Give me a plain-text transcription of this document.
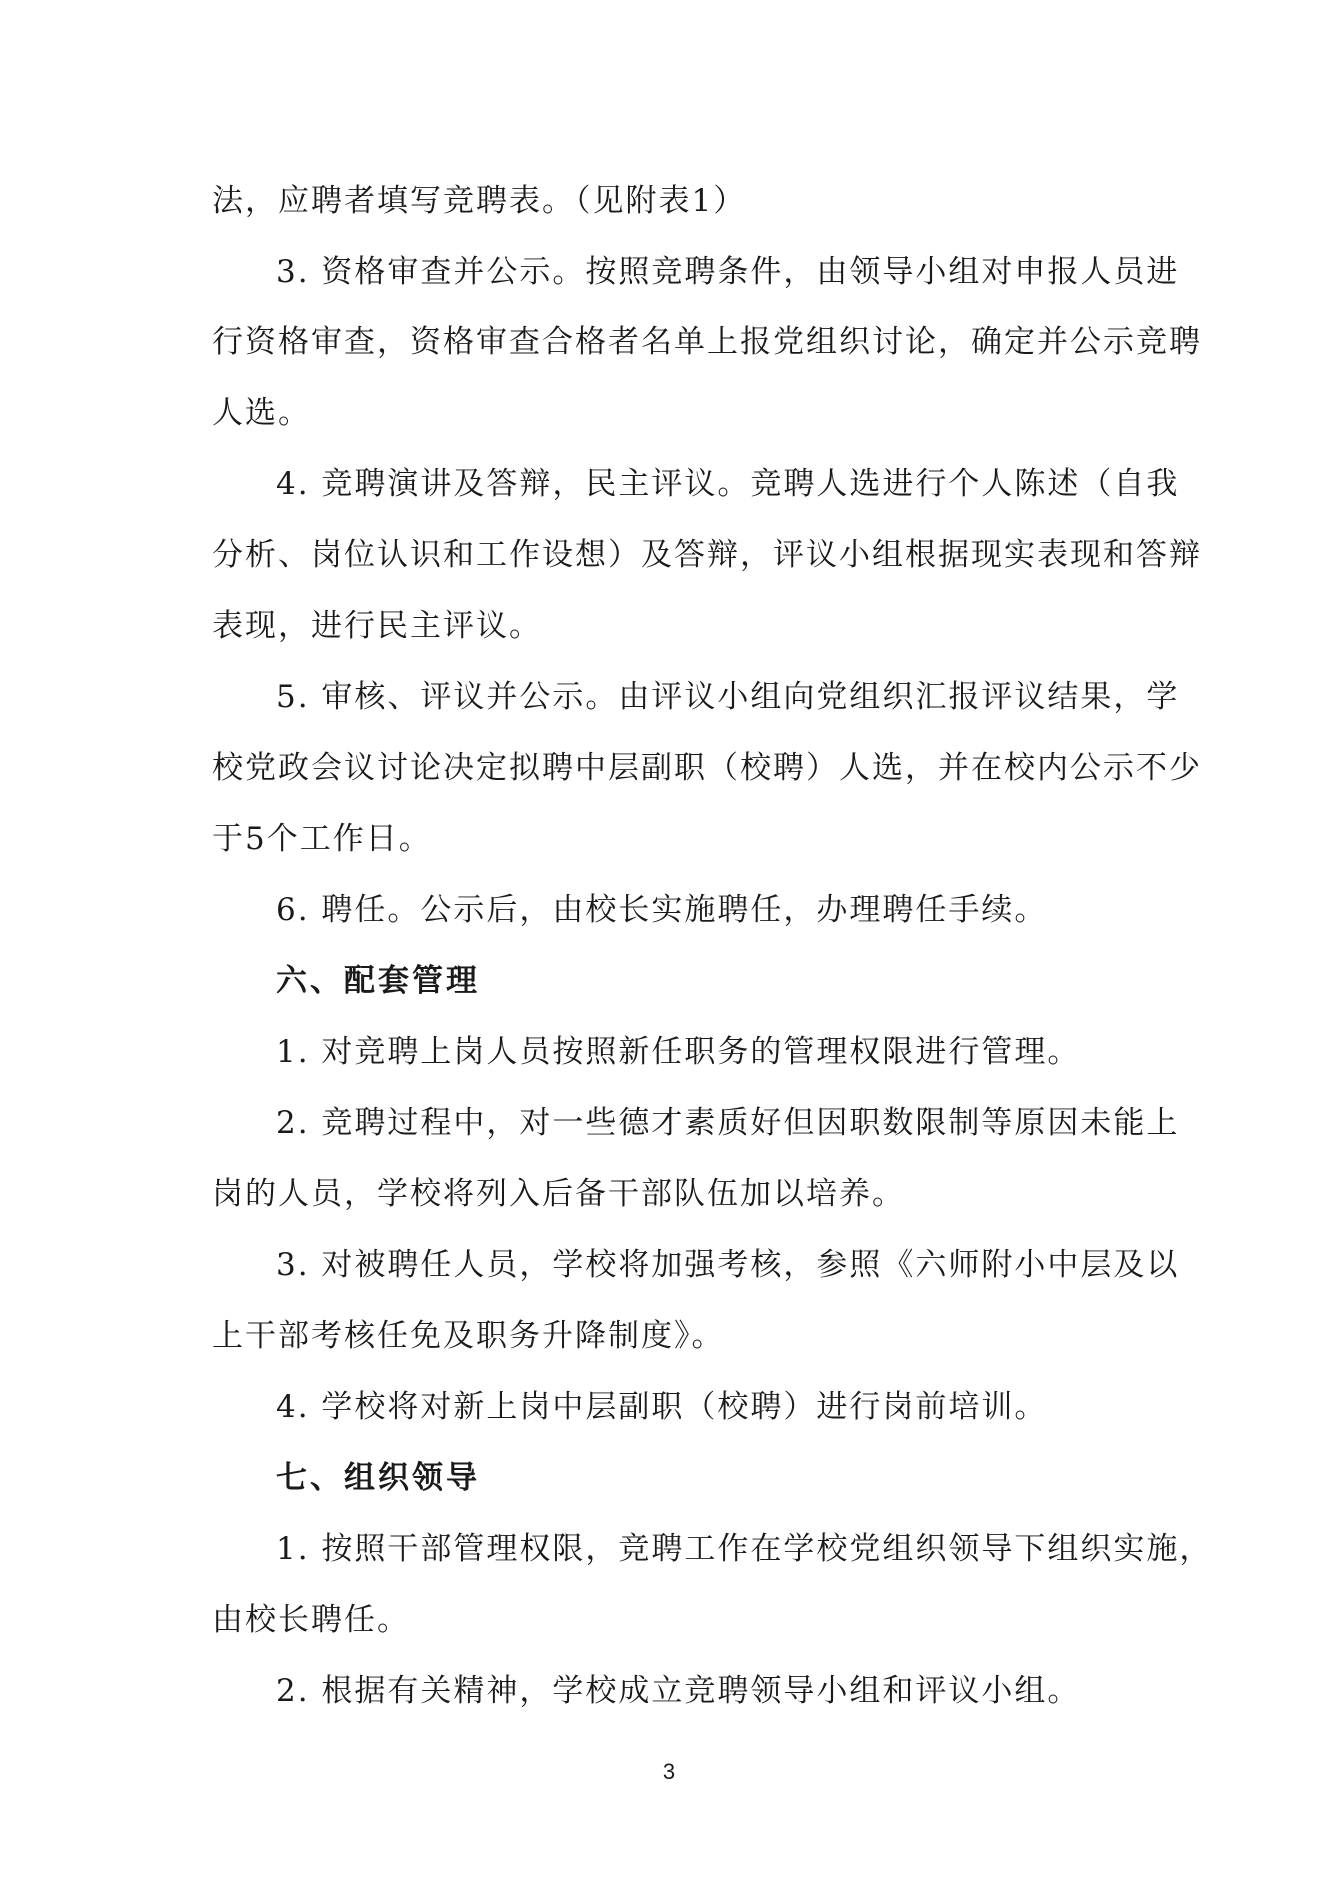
法，应聘者填写竞聘表。（见附表1）
3. 资格审查并公示。按照竞聘条件，由领导小组对申报人员进
行资格审查，资格审查合格者名单上报党组织讨论，确定并公示竞聘
人选。
4. 竞聘演讲及答辩，民主评议。竞聘人选进行个人陈述（自我
分析、岗位认识和工作设想）及答辩，评议小组根据现实表现和答辩
表现，进行民主评议。
5. 审核、评议并公示。由评议小组向党组织汇报评议结果，学
校党政会议讨论决定拟聘中层副职（校聘）人选，并在校内公示不少
于5个工作日。
6. 聘任。公示后，由校长实施聘任，办理聘任手续。
六、配套管理
1. 对竞聘上岗人员按照新任职务的管理权限进行管理。
2. 竞聘过程中，对一些德才素质好但因职数限制等原因未能上
岗的人员，学校将列入后备干部队伍加以培养。
3. 对被聘任人员，学校将加强考核，参照《六师附小中层及以
上干部考核任免及职务升降制度》。
4. 学校将对新上岗中层副职（校聘）进行岗前培训。
七、组织领导
1. 按照干部管理权限，竞聘工作在学校党组织领导下组织实施，
由校长聘任。
2. 根据有关精神，学校成立竞聘领导小组和评议小组。
3
